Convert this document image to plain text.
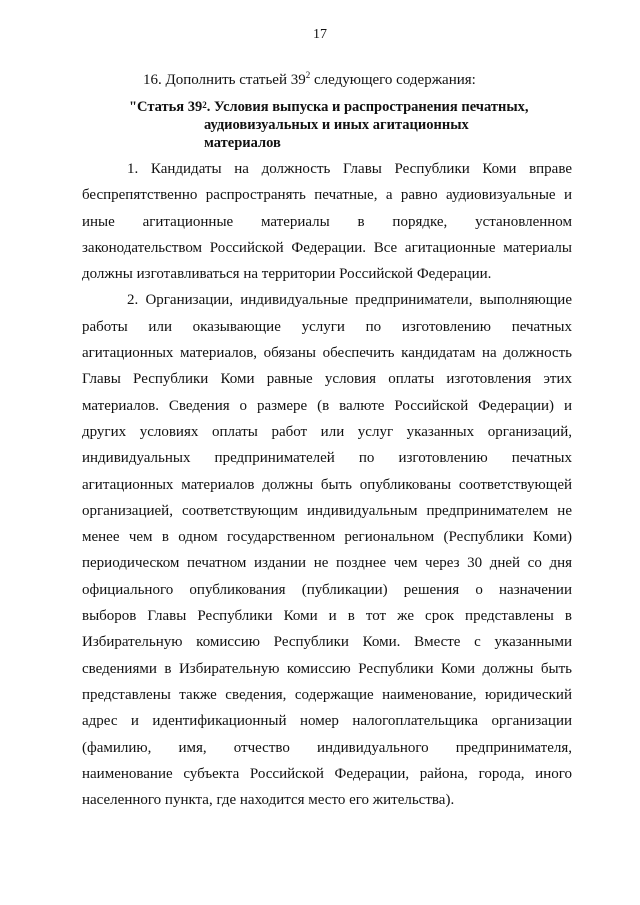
17
16. Дополнить статьей $39^2$ следующего содержания:
"Статья $39^2$. Условия выпуска и распространения печатных,
аудиовизуальных и иных агитационных
материалов
1. Кандидаты на должность Главы Республики Коми вправе
беспрепятственно распространять печатные, а равно аудиовизуальные и
иные агитационные материалы в порядке, установленном
законодательством Российской Федерации. Все агитационные материалы
должны изготавливаться на территории Российской Федерации.
2. Организации, индивидуальные предприниматели, выполняющие
работы или оказывающие услуги по изготовлению печатных
агитационных материалов, обязаны обеспечить кандидатам на должность
Главы Республики Коми равные условия оплаты изготовления этих
материалов. Сведения о размере (в валюте Российской Федерации) и
других условиях оплаты работ или услуг указанных организаций,
индивидуальных предпринимателей по изготовлению печатных
агитационных материалов должны быть опубликованы соответствующей
организацией, соответствующим индивидуальным предпринимателем не
менее чем в одном государственном региональном (Республики Коми)
периодическом печатном издании не позднее чем через 30 дней со дня
официального опубликования (публикации) решения о назначении
выборов Главы Республики Коми и в тот же срок представлены в
Избирательную комиссию Республики Коми. Вместе с указанными
сведениями в Избирательную комиссию Республики Коми должны быть
представлены также сведения, содержащие наименование, юридический
адрес и идентификационный номер налогоплательщика организации
(фамилию, имя, отчество индивидуального предпринимателя,
наименование субъекта Российской Федерации, района, города, иного
населенного пункта, где находится место его жительства).
